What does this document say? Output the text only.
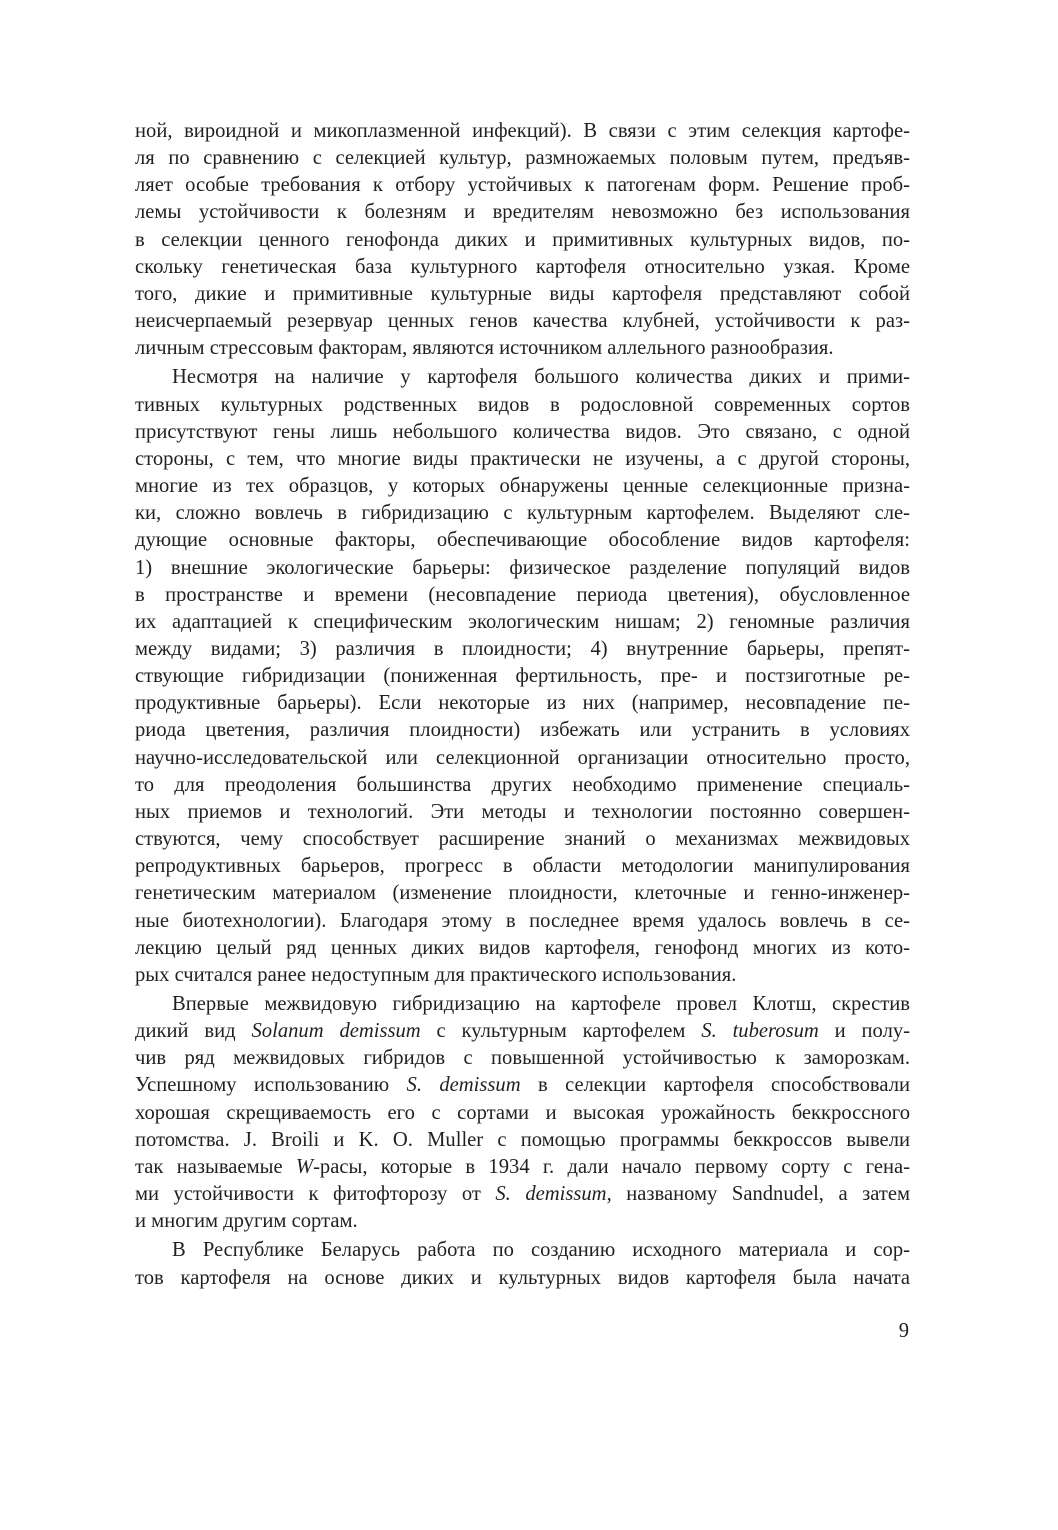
ной, вироидной и микоплазменной инфекций). В связи с этим селекция картофе-
ля по сравнению с селекцией культур, размножаемых половым путем, предъяв-
ляет особые требования к отбору устойчивых к патогенам форм. Решение проб-
лемы устойчивости к болезням и вредителям невозможно без использования
в селекции ценного генофонда диких и примитивных культурных видов, по-
скольку генетическая база культурного картофеля относительно узкая. Кроме
того, дикие и примитивные культурные виды картофеля представляют собой
неисчерпаемый резервуар ценных генов качества клубней, устойчивости к раз-
личным стрессовым факторам, являются источником аллельного разнообразия.
Несмотря на наличие у картофеля большого количества диких и прими-
тивных культурных родственных видов в родословной современных сортов
присутствуют гены лишь небольшого количества видов. Это связано, с одной
стороны, с тем, что многие виды практически не изучены, а с другой стороны,
многие из тех образцов, у которых обнаружены ценные селекционные призна-
ки, сложно вовлечь в гибридизацию с культурным картофелем. Выделяют сле-
дующие основные факторы, обеспечивающие обособление видов картофеля:
1) внешние экологические барьеры: физическое разделение популяций видов
в пространстве и времени (несовпадение периода цветения), обусловленное
их адаптацией к специфическим экологическим нишам; 2) геномные различия
между видами; 3) различия в плоидности; 4) внутренние барьеры, препят-
ствующие гибридизации (пониженная фертильность, пре- и постзиготные ре-
продуктивные барьеры). Если некоторые из них (например, несовпадение пе-
риода цветения, различия плоидности) избежать или устранить в условиях
научно-исследовательской или селекционной организации относительно просто,
то для преодоления большинства других необходимо применение специаль-
ных приемов и технологий. Эти методы и технологии постоянно совершен-
ствуются, чему способствует расширение знаний о механизмах межвидовых
репродуктивных барьеров, прогресс в области методологии манипулирования
генетическим материалом (изменение плоидности, клеточные и генно-инженер-
ные биотехнологии). Благодаря этому в последнее время удалось вовлечь в се-
лекцию целый ряд ценных диких видов картофеля, генофонд многих из кото-
рых считался ранее недоступным для практического использования.
Впервые межвидовую гибридизацию на картофеле провел Клотш, скрестив
дикий вид Solanum demissum с культурным картофелем S. tuberosum и полу-
чив ряд межвидовых гибридов с повышенной устойчивостью к заморозкам.
Успешному использованию S. demissum в селекции картофеля способствовали
хорошая скрещиваемость его с сортами и высокая урожайность беккроссного
потомства. J. Broili и K. O. Muller с помощью программы беккроссов вывели
так называемые W-расы, которые в 1934 г. дали начало первому сорту с гена-
ми устойчивости к фитофторозу от S. demissum, названому Sandnudel, а затем
и многим другим сортам.
В Республике Беларусь работа по созданию исходного материала и сор-
тов картофеля на основе диких и культурных видов картофеля была начата
9
